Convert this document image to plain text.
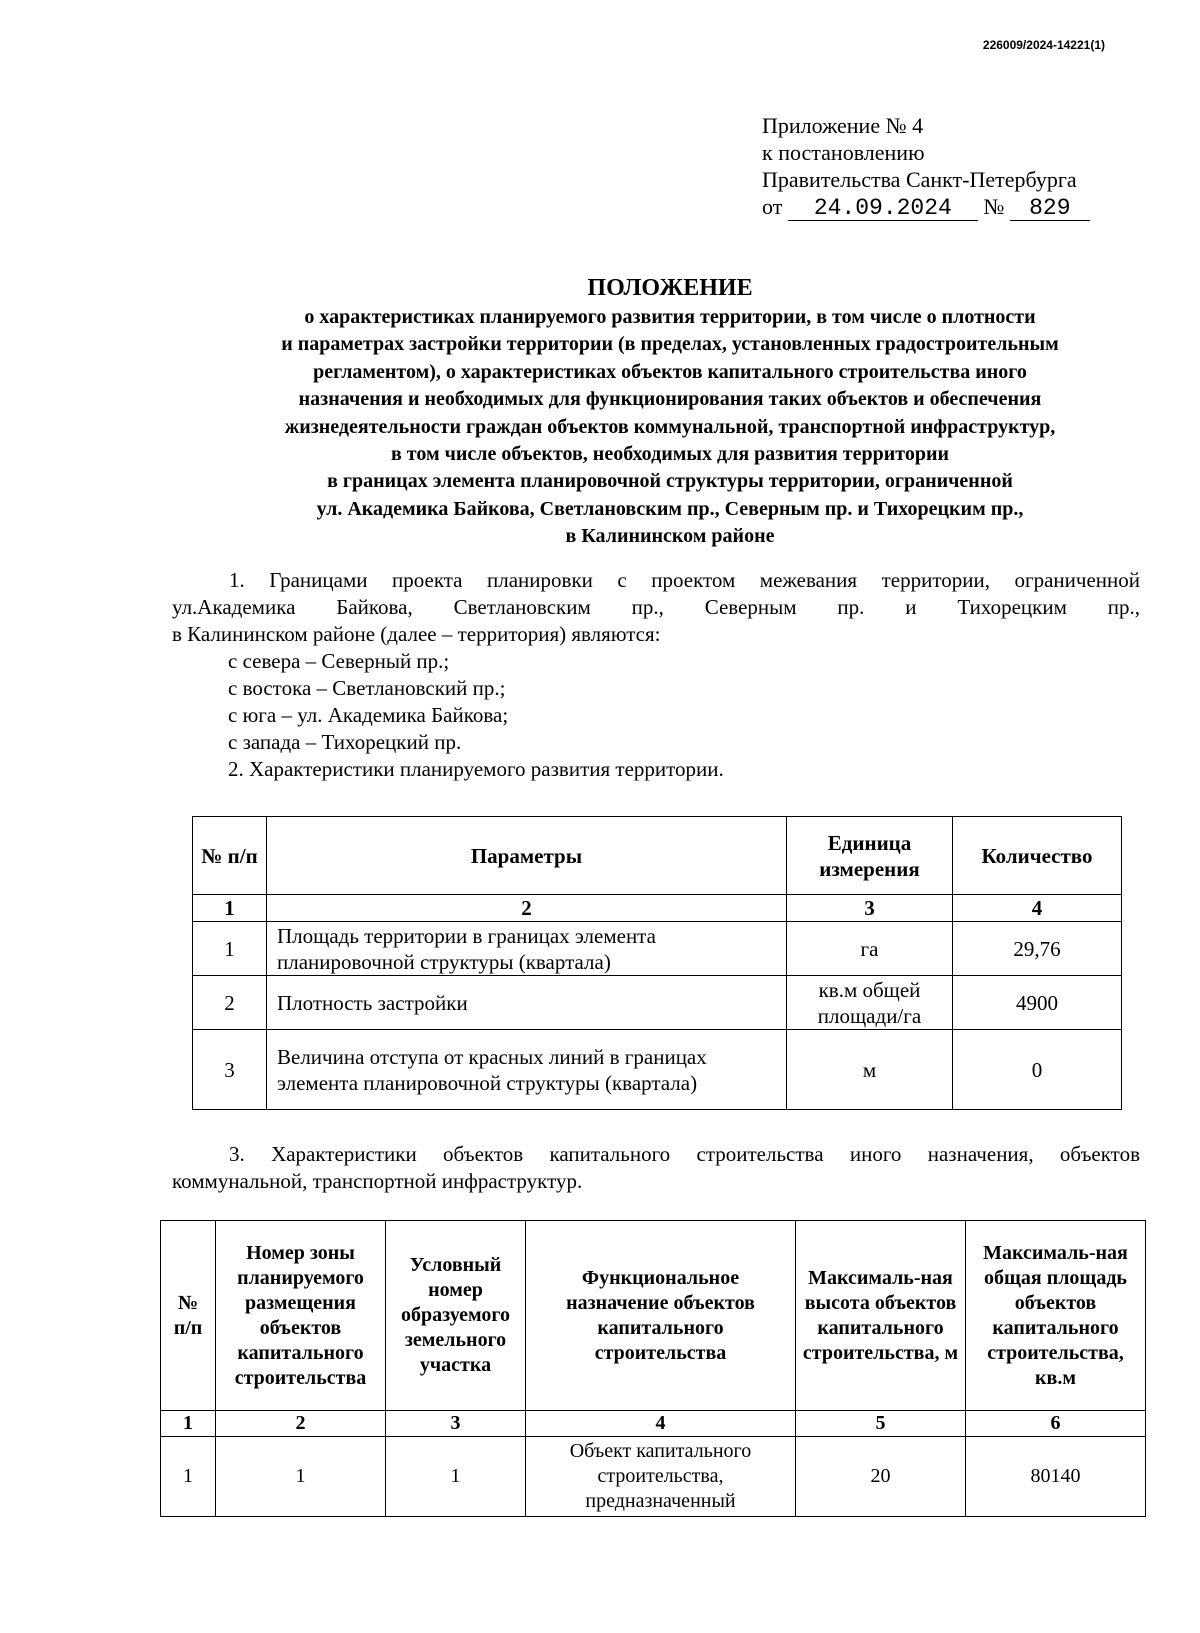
226009/2024-14221(1)
Приложение № 4
к постановлению
Правительства Санкт-Петербурга
от 24.09.2024 № 829
ПОЛОЖЕНИЕ
о характеристиках планируемого развития территории, в том числе о плотности
и параметрах застройки территории (в пределах, установленных градостроительным
регламентом), о характеристиках объектов капитального строительства иного
назначения и необходимых для функционирования таких объектов и обеспечения
жизнедеятельности граждан объектов коммунальной, транспортной инфраструктур,
в том числе объектов, необходимых для развития территории
в границах элемента планировочной структуры территории, ограниченной
ул. Академика Байкова, Светлановским пр., Северным пр. и Тихорецким пр.,
в Калининском районе
1. Границами проекта планировки с проектом межевания территории, ограниченной
ул.Академика Байкова, Светлановским пр., Северным пр. и Тихорецким пр.,
в Калининском районе (далее – территория) являются:
с севера – Северный пр.;
с востока – Светлановский пр.;
с юга – ул. Академика Байкова;
с запада – Тихорецкий пр.
2. Характеристики планируемого развития территории.
№ п/п	Параметры	Единица измерения	Количество
1	2	3	4
1	Площадь территории в границах элемента планировочной структуры (квартала)	га	29,76
2	Плотность застройки	кв.м общей площади/га	4900
3	Величина отступа от красных линий в границах элемента планировочной структуры (квартала)	м	0
3. Характеристики объектов капитального строительства иного назначения, объектов
коммунальной, транспортной инфраструктур.
№ п/п	Номер зоны планируемого размещения объектов капитального строительства	Условный номер образуемого земельного участка	Функциональное назначение объектов капитального строительства	Максималь-ная высота объектов капитального строительства, м	Максималь-ная общая площадь объектов капитального строительства, кв.м
1	2	3	4	5	6
1	1	1	Объект капитального строительства, предназначенный	20	80140
